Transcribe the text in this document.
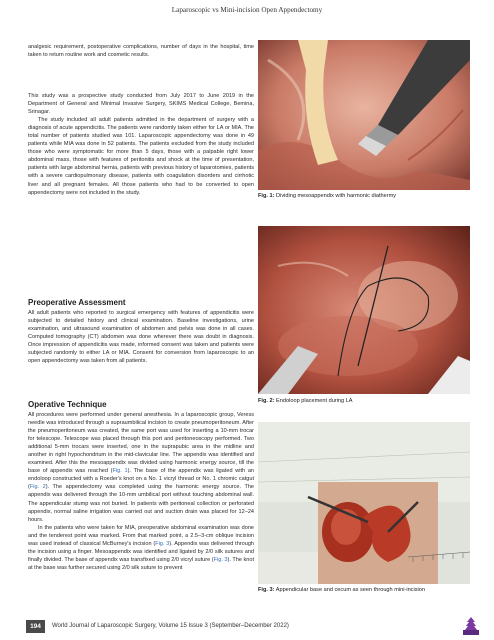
Laparoscopic vs Mini-incision Open Appendectomy

analgesic requirement, postoperative complications, number of days in the hospital, time taken to return routine work and cosmetic results.

This study was a prospective study conducted from July 2017 to June 2019 in the Department of General and Minimal Invasive Surgery, SKIMS Medical College, Bemina, Srinagar.

The study included all adult patients admitted in the department of surgery with a diagnosis of acute appendicitis. The patients were randomly taken either for LA or MIA. The total number of patients studied was 101. Laparoscopic appendectomy was done in 49 patients while MIA was done in 52 patients. The patients excluded from the study included those who were symptomatic for more than 5 days, those with a palpable right lower abdominal mass, those with features of peritonitis and shock at the time of presentation, patients with large abdominal hernia, patients with previous history of laparotomies, patients with a severe cardiopulmonary disease, patients with coagulation disorders and cirrhotic liver and all pregnant females. All those patients who had to be converted to open appendectomy were not included in the study.

Preoperative Assessment

All adult patients who reported to surgical emergency with features of appendicitis were subjected to detailed history and clinical examination. Baseline investigations, urine examination, and ultrasound examination of abdomen and pelvis was done in all cases. Computed tomography (CT) abdomen was done wherever there was doubt in diagnosis. Once impression of appendicitis was made, informed consent was taken and patients were subjected randomly to either LA or MIA. Consent for conversion from laparoscopic to an open appendectomy was taken from all patients.

Operative Technique

All procedures were performed under general anesthesia. In a laparoscopic group, Veress needle was introduced through a supraumbilical incision to create pneumoperitoneum. After the pneumoperitoneum was created, the same port was used for inserting a 10-mm trocar for telescope. Telescope was placed through this port and peritoneoscopy performed. Two additional 5-mm trocars were inserted, one in the suprapubic area in the midline and another in right hypochondrium in the mid-clavicular line. The appendix was identified and examined. After this the mesoappendix was divided using harmonic energy source, till the base of appendix was reached (Fig. 1). The base of the appendix was ligated with an endoloop constructed with a Roeder's knot on a No. 1 vicryl thread or No. 1 chromic catgut (Fig. 2). The appendectomy was completed using the harmonic energy source. The appendix was delivered through the 10-mm umbilical port without touching abdominal wall. The appendicular stump was not buried. In patients with peritoneal collection or perforated appendix, normal saline irrigation was carried out and suction drain was placed for 12–24 hours.

In the patients who were taken for MIA, preoperative abdominal examination was done and the tenderest point was marked. From that marked point, a 2.5–3-cm oblique incision was used instead of classical McBurney's incision (Fig. 3). Appendix was delivered through the incision using a finger. Mesoappendix was identified and ligated by 2/0 silk sutures and finally divided. The base of appendix was transfixed using 2/0 vicryl suture (Fig. 3). The knot at the base was further secured using 2/0 silk suture to prevent

Fig. 1: Dividing mesoappendix with harmonic diathermy
Fig. 2: Endoloop placement during LA
Fig. 3: Appendicular base and cecum as seen through mini-incision
194	World Journal of Laparoscopic Surgery, Volume 15 Issue 3 (September–December 2022)
